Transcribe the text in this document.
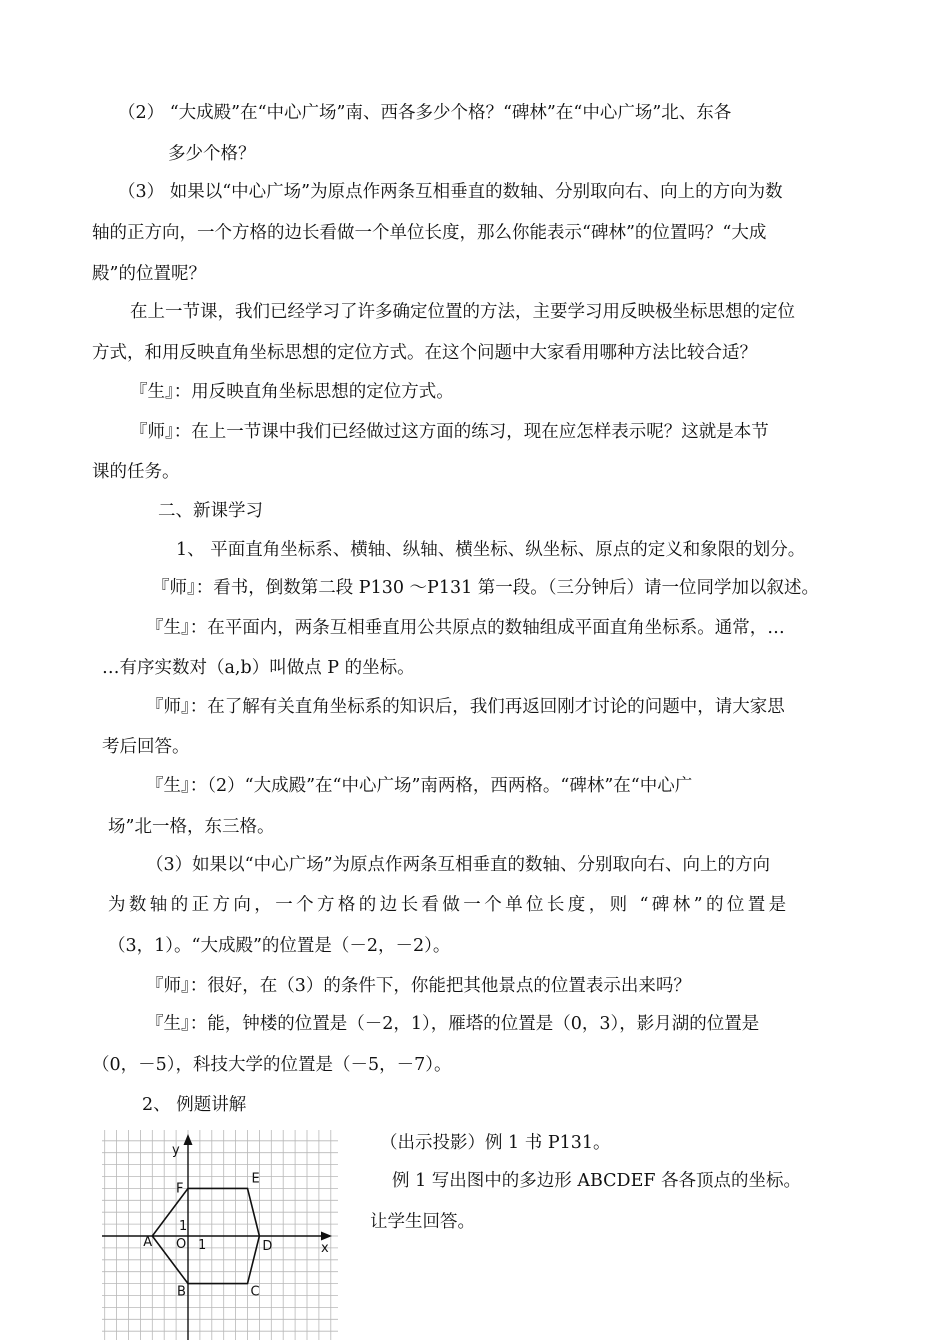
（2） “大成殿”在“中心广场”南、西各多少个格？“碑林”在“中心广场”北、东各
多少个格？
（3） 如果以“中心广场”为原点作两条互相垂直的数轴、分别取向右、向上的方向为数
轴的正方向，一个方格的边长看做一个单位长度，那么你能表示“碑林”的位置吗？“大成
殿”的位置呢？
在上一节课，我们已经学习了许多确定位置的方法，主要学习用反映极坐标思想的定位
方式，和用反映直角坐标思想的定位方式。在这个问题中大家看用哪种方法比较合适？
『生』：用反映直角坐标思想的定位方式。
『师』：在上一节课中我们已经做过这方面的练习，现在应怎样表示呢？这就是本节
课的任务。
二、新课学习
1、 平面直角坐标系、横轴、纵轴、横坐标、纵坐标、原点的定义和象限的划分。
『师』：看书，倒数第二段 P130 ～P131 第一段。（三分钟后）请一位同学加以叙述。
『生』：在平面内，两条互相垂直用公共原点的数轴组成平面直角坐标系。通常，…
…有序实数对（a,b）叫做点 P 的坐标。
『师』：在了解有关直角坐标系的知识后，我们再返回刚才讨论的问题中，请大家思
考后回答。
『生』：（2）“大成殿”在“中心广场”南两格，西两格。“碑林”在“中心广
场”北一格，东三格。
（3）如果以“中心广场”为原点作两条互相垂直的数轴、分别取向右、向上的方向
为数轴的正方向，一个方格的边长看做一个单位长度，则 “碑林”的位置是
（3，1）。“大成殿”的位置是（－2，－2）。
『师』：很好，在（3）的条件下，你能把其他景点的位置表示出来吗？
『生』：能，钟楼的位置是（－2，1），雁塔的位置是（0，3），影月湖的位置是
（0，－5），科技大学的位置是（－5，－7）。
2、 例题讲解
（出示投影）例 1 书 P131。
例 1 写出图中的多边形 ABCDEF 各各顶点的坐标。
让学生回答。
A
B	C
D
E
F
x
y
O 1
1
